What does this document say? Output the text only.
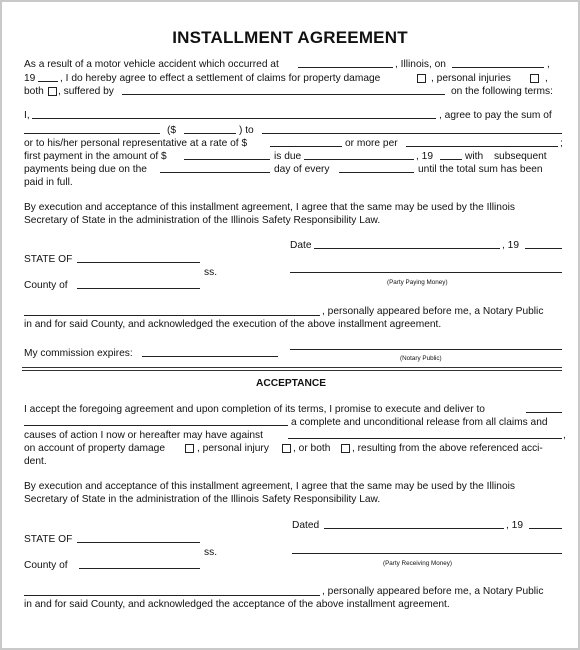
INSTALLMENT AGREEMENT
As a result of a motor vehicle accident which occurred at	, Illinois, on	,
19 , I do hereby agree to effect a settlement of claims for property damage	, personal injuries	,
both , suffered by	on the following terms:
I,	, agree to pay the sum of
($	) to
or to his/her personal representative at a rate of $	or more per	;
first payment in the amount of $	is due	, 19	with subsequent
payments being due on the	day of every	until the total sum has been
paid in full.
By execution and acceptance of this installment agreement, I agree that the same may be used by the Illinois
Secretary of State in the administration of the Illinois Safety Responsibility Law.
Date	, 19
STATE OF
ss.
(Party Paying Money)
County of
, personally appeared before me, a Notary Public
in and for said County, and acknowledged the execution of the above installment agreement.
My commission expires:	(Notary Public)
ACCEPTANCE
I accept the foregoing agreement and upon completion of its terms, I promise to execute and deliver to
a complete and unconditional release from all claims and
causes of action I now or hereafter may have against	,
on account of property damage	, personal injury , or both , resulting from the above referenced acci-
dent.
By execution and acceptance of this installment agreement, I agree that the same may be used by the Illinois
Secretary of State in the administration of the Illinois Safety Responsibility Law.
Dated	, 19
STATE OF
ss.
(Party Receiving Money)
County of
, personally appeared before me, a Notary Public
in and for said County, and acknowledged the acceptance of the above installment agreement.
